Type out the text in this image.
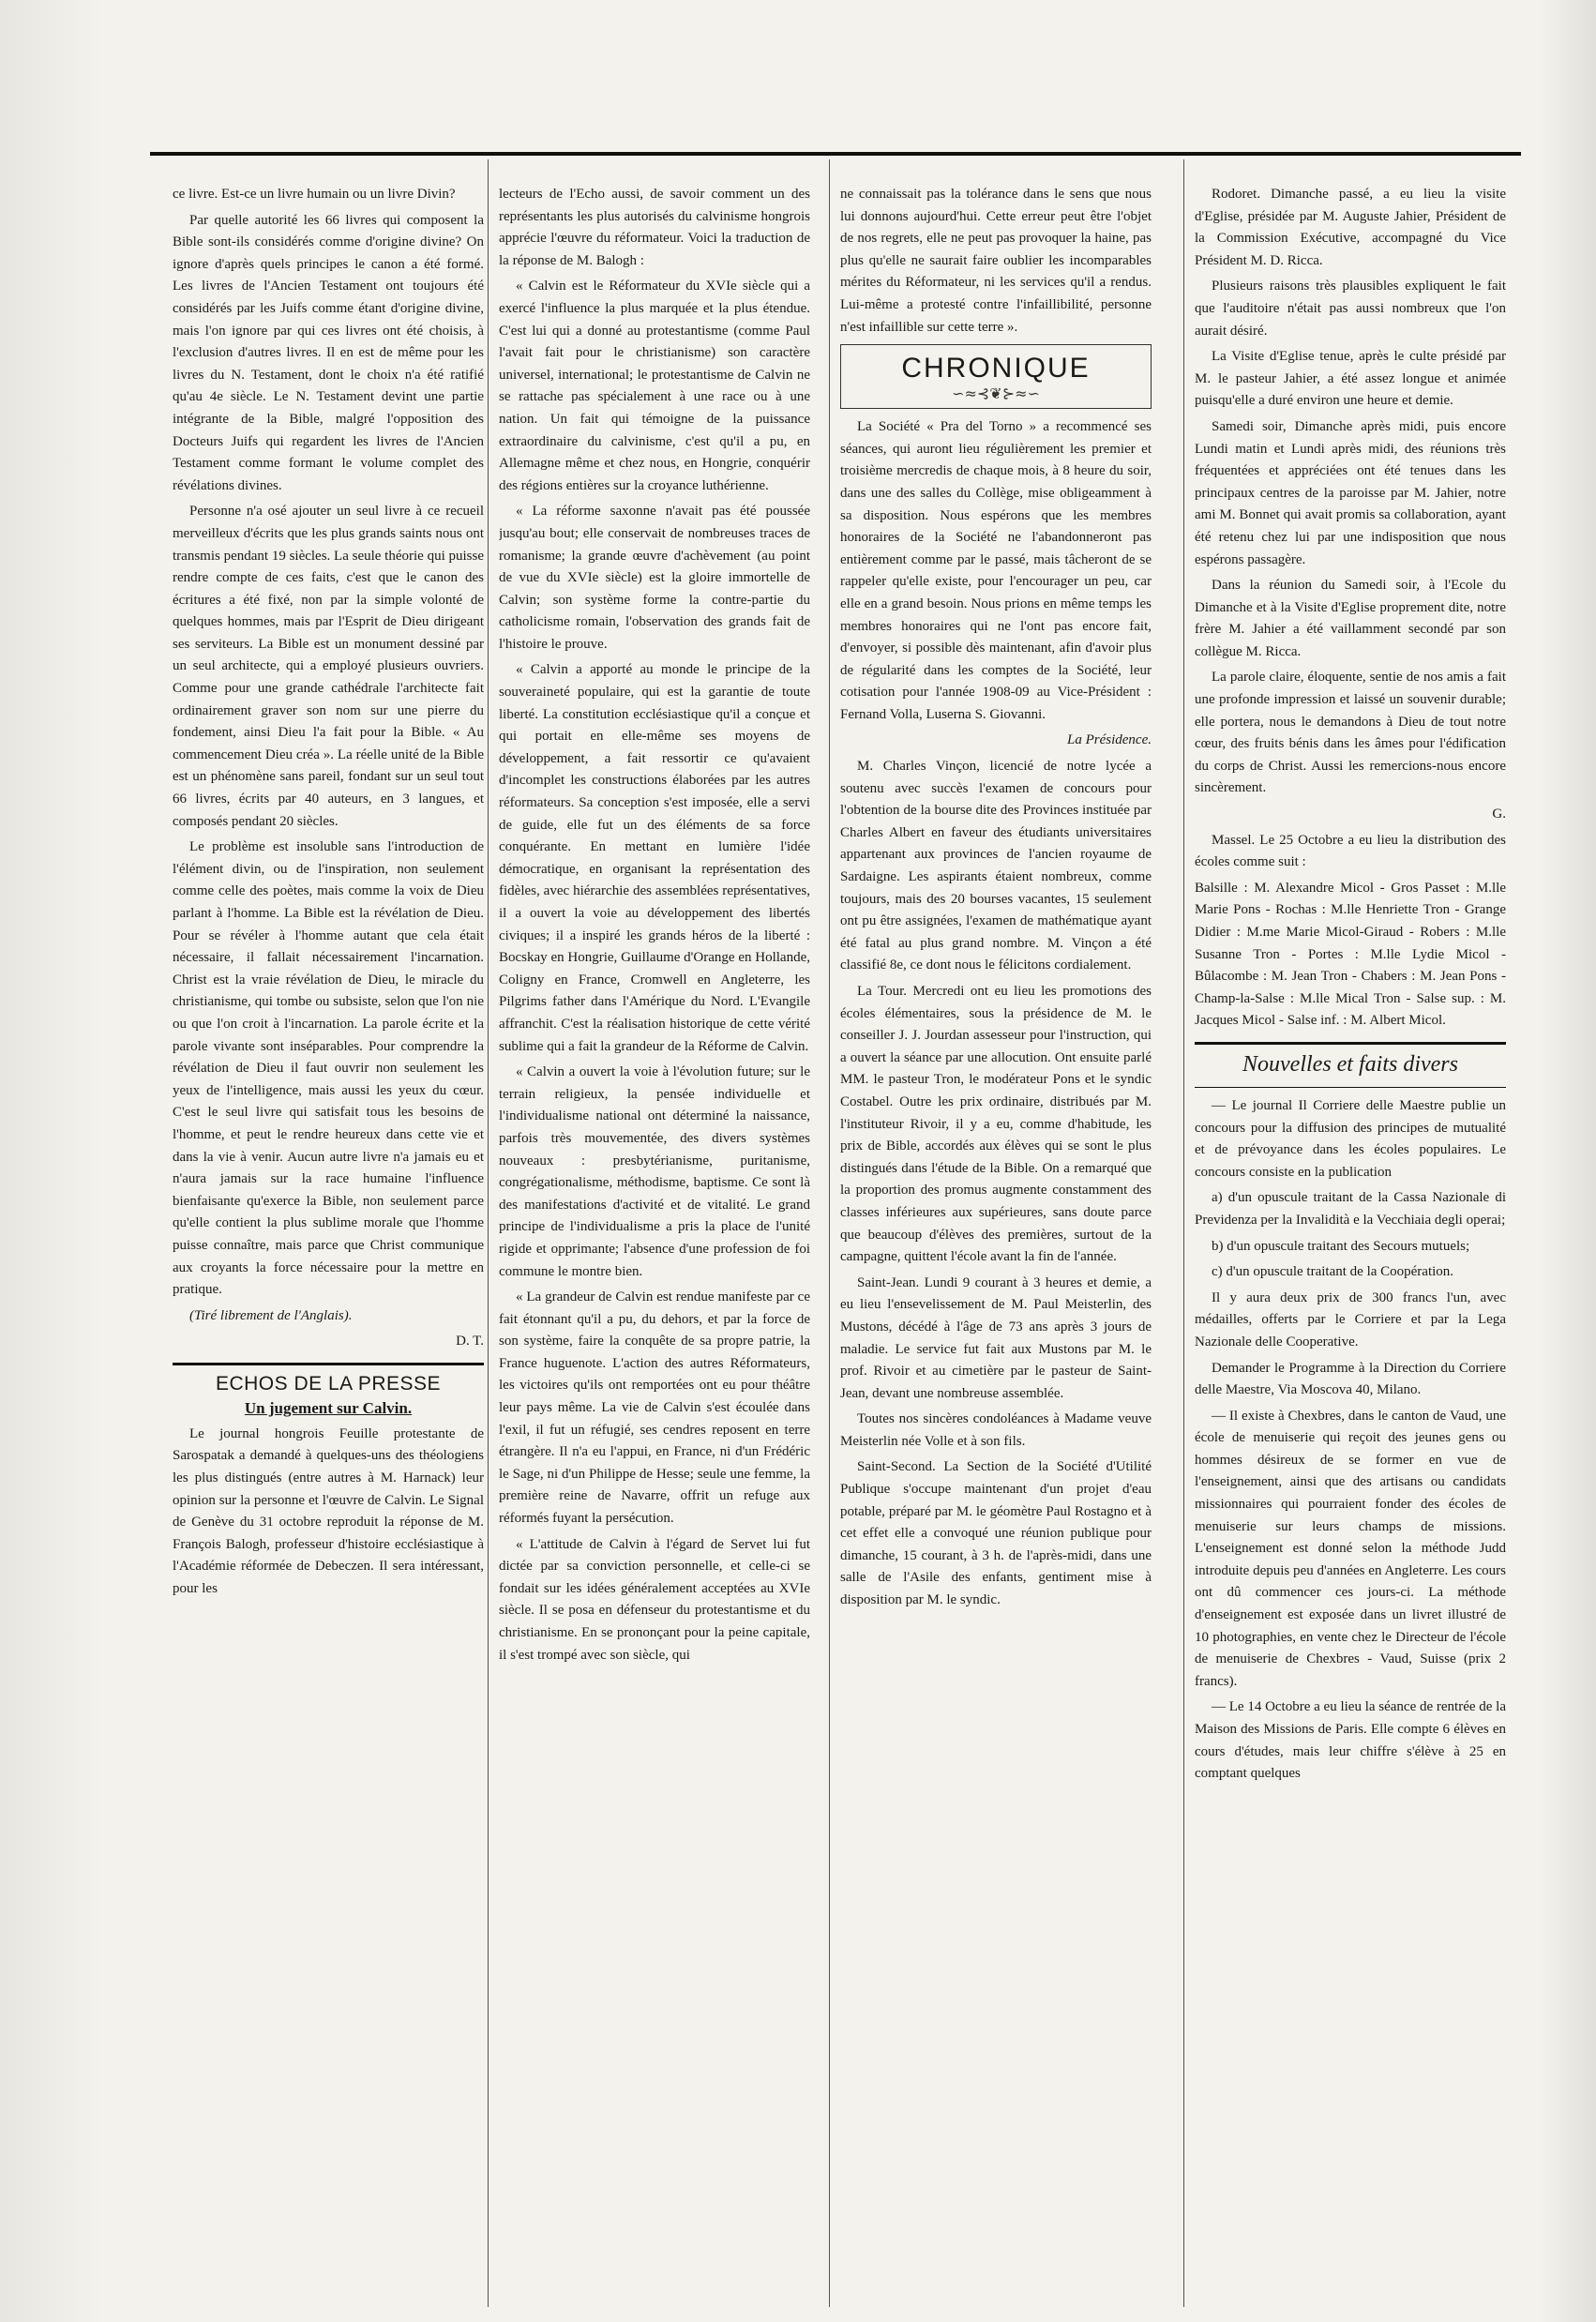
ce livre. Est-ce un livre humain ou un livre Divin?

Par quelle autorité les 66 livres qui composent la Bible sont-ils considérés comme d'origine divine? On ignore d'après quels principes le canon a été formé. Les livres de l'Ancien Testament ont toujours été considérés par les Juifs comme étant d'origine divine, mais l'on ignore par qui ces livres ont été choisis, à l'exclusion d'autres livres. Il en est de même pour les livres du N. Testament, dont le choix n'a été ratifié qu'au 4e siècle. Le N. Testament devint une partie intégrante de la Bible, malgré l'opposition des Docteurs Juifs qui regardent les livres de l'Ancien Testament comme formant le volume complet des révélations divines.

Personne n'a osé ajouter un seul livre à ce recueil merveilleux d'écrits que les plus grands saints nous ont transmis pendant 19 siècles. La seule théorie qui puisse rendre compte de ces faits, c'est que le canon des écritures a été fixé, non par la simple volonté de quelques hommes, mais par l'Esprit de Dieu dirigeant ses serviteurs. La Bible est un monument dessiné par un seul architecte, qui a employé plusieurs ouvriers. Comme pour une grande cathédrale l'architecte fait ordinairement graver son nom sur une pierre du fondement, ainsi Dieu l'a fait pour la Bible. « Au commencement Dieu créa ». La réelle unité de la Bible est un phénomène sans pareil, fondant sur un seul tout 66 livres, écrits par 40 auteurs, en 3 langues, et composés pendant 20 siècles.

Le problème est insoluble sans l'introduction de l'élément divin, ou de l'inspiration, non seulement comme celle des poètes, mais comme la voix de Dieu parlant à l'homme. La Bible est la révélation de Dieu. Pour se révéler à l'homme autant que cela était nécessaire, il fallait nécessairement l'incarnation. Christ est la vraie révélation de Dieu, le miracle du christianisme, qui tombe ou subsiste, selon que l'on nie ou que l'on croit à l'incarnation. La parole écrite et la parole vivante sont inséparables. Pour comprendre la révélation de Dieu il faut ouvrir non seulement les yeux de l'intelligence, mais aussi les yeux du cœur. C'est le seul livre qui satisfait tous les besoins de l'homme, et peut le rendre heureux dans cette vie et dans la vie à venir. Aucun autre livre n'a jamais eu et n'aura jamais sur la race humaine l'influence bienfaisante qu'exerce la Bible, non seulement parce qu'elle contient la plus sublime morale que l'homme puisse connaître, mais parce que Christ communique aux croyants la force nécessaire pour la mettre en pratique.

(Tiré librement de l'Anglais).

D. T.

ECHOS DE LA PRESSE
Un jugement sur Calvin.

Le journal hongrois Feuille protestante de Sarospatak a demandé à quelques-uns des théologiens les plus distingués (entre autres à M. Harnack) leur opinion sur la personne et l'œuvre de Calvin. Le Signal de Genève du 31 octobre reproduit la réponse de M. François Balogh, professeur d'histoire ecclésiastique à l'Académie réformée de Debeczen. Il sera intéressant, pour les

lecteurs de l'Echo aussi, de savoir comment un des représentants les plus autorisés du calvinisme hongrois apprécie l'œuvre du réformateur. Voici la traduction de la réponse de M. Balogh :

« Calvin est le Réformateur du XVIe siècle qui a exercé l'influence la plus marquée et la plus étendue. C'est lui qui a donné au protestantisme (comme Paul l'avait fait pour le christianisme) son caractère universel, international; le protestantisme de Calvin ne se rattache pas spécialement à une race ou à une nation. Un fait qui témoigne de la puissance extraordinaire du calvinisme, c'est qu'il a pu, en Allemagne même et chez nous, en Hongrie, conquérir des régions entières sur la croyance luthérienne.

« La réforme saxonne n'avait pas été poussée jusqu'au bout; elle conservait de nombreuses traces de romanisme; la grande œuvre d'achèvement (au point de vue du XVIe siècle) est la gloire immortelle de Calvin; son système forme la contre-partie du catholicisme romain, l'observation des grands fait de l'histoire le prouve.

« Calvin a apporté au monde le principe de la souveraineté populaire, qui est la garantie de toute liberté. La constitution ecclésiastique qu'il a conçue et qui portait en elle-même ses moyens de développement, a fait ressortir ce qu'avaient d'incomplet les constructions élaborées par les autres réformateurs. Sa conception s'est imposée, elle a servi de guide, elle fut un des éléments de sa force conquérante. En mettant en lumière l'idée démocratique, en organisant la représentation des fidèles, avec hiérarchie des assemblées représentatives, il a ouvert la voie au développement des libertés civiques; il a inspiré les grands héros de la liberté : Bocskay en Hongrie, Guillaume d'Orange en Hollande, Coligny en France, Cromwell en Angleterre, les Pilgrims father dans l'Amérique du Nord. L'Evangile affranchit. C'est la réalisation historique de cette vérité sublime qui a fait la grandeur de la Réforme de Calvin.

« Calvin a ouvert la voie à l'évolution future; sur le terrain religieux, la pensée individuelle et l'individualisme national ont déterminé la naissance, parfois très mouvementée, des divers systèmes nouveaux : presbytérianisme, puritanisme, congrégationalisme, méthodisme, baptisme. Ce sont là des manifestations d'activité et de vitalité. Le grand principe de l'individualisme a pris la place de l'unité rigide et opprimante; l'absence d'une profession de foi commune le montre bien.

« La grandeur de Calvin est rendue manifeste par ce fait étonnant qu'il a pu, du dehors, et par la force de son système, faire la conquête de sa propre patrie, la France huguenote. L'action des autres Réformateurs, les victoires qu'ils ont remportées ont eu pour théâtre leur pays même. La vie de Calvin s'est écoulée dans l'exil, il fut un réfugié, ses cendres reposent en terre étrangère. Il n'a eu l'appui, en France, ni d'un Frédéric le Sage, ni d'un Philippe de Hesse; seule une femme, la première reine de Navarre, offrit un refuge aux réformés fuyant la persécution.

« L'attitude de Calvin à l'égard de Servet lui fut dictée par sa conviction personnelle, et celle-ci se fondait sur les idées généralement acceptées au XVIe siècle. Il se posa en défenseur du protestantisme et du christianisme. En se prononçant pour la peine capitale, il s'est trompé avec son siècle, qui

ne connaissait pas la tolérance dans le sens que nous lui donnons aujourd'hui. Cette erreur peut être l'objet de nos regrets, elle ne peut pas provoquer la haine, pas plus qu'elle ne saurait faire oublier les incomparables mérites du Réformateur, ni les services qu'il a rendus. Lui-même a protesté contre l'infaillibilité, personne n'est infaillible sur cette terre ».

CHRONIQUE
∽≈⊰❦⊱≈∽

La Société « Pra del Torno » a recommencé ses séances, qui auront lieu régulièrement les premier et troisième mercredis de chaque mois, à 8 heure du soir, dans une des salles du Collège, mise obligeamment à sa disposition. Nous espérons que les membres honoraires de la Société ne l'abandonneront pas entièrement comme par le passé, mais tâcheront de se rappeler qu'elle existe, pour l'encourager un peu, car elle en a grand besoin. Nous prions en même temps les membres honoraires qui ne l'ont pas encore fait, d'envoyer, si possible dès maintenant, afin d'avoir plus de régularité dans les comptes de la Société, leur cotisation pour l'année 1908-09 au Vice-Président : Fernand Volla, Luserna S. Giovanni.

La Présidence.

M. Charles Vinçon, licencié de notre lycée a soutenu avec succès l'examen de concours pour l'obtention de la bourse dite des Provinces instituée par Charles Albert en faveur des étudiants universitaires appartenant aux provinces de l'ancien royaume de Sardaigne. Les aspirants étaient nombreux, comme toujours, mais des 20 bourses vacantes, 15 seulement ont pu être assignées, l'examen de mathématique ayant été fatal au plus grand nombre. M. Vinçon a été classifié 8e, ce dont nous le félicitons cordialement.

La Tour. Mercredi ont eu lieu les promotions des écoles élémentaires, sous la présidence de M. le conseiller J. J. Jourdan assesseur pour l'instruction, qui a ouvert la séance par une allocution. Ont ensuite parlé MM. le pasteur Tron, le modérateur Pons et le syndic Costabel. Outre les prix ordinaire, distribués par M. l'instituteur Rivoir, il y a eu, comme d'habitude, les prix de Bible, accordés aux élèves qui se sont le plus distingués dans l'étude de la Bible. On a remarqué que la proportion des promus augmente constamment des classes inférieures aux supérieures, sans doute parce que beaucoup d'élèves des premières, surtout de la campagne, quittent l'école avant la fin de l'année.

Saint-Jean. Lundi 9 courant à 3 heures et demie, a eu lieu l'ensevelissement de M. Paul Meisterlin, des Mustons, décédé à l'âge de 73 ans après 3 jours de maladie. Le service fut fait aux Mustons par M. le prof. Rivoir et au cimetière par le pasteur de Saint-Jean, devant une nombreuse assemblée.

Toutes nos sincères condoléances à Madame veuve Meisterlin née Volle et à son fils.

Saint-Second. La Section de la Société d'Utilité Publique s'occupe maintenant d'un projet d'eau potable, préparé par M. le géomètre Paul Rostagno et à cet effet elle a convoqué une réunion publique pour dimanche, 15 courant, à 3 h. de l'après-midi, dans une salle de l'Asile des enfants, gentiment mise à disposition par M. le syndic.

Rodoret. Dimanche passé, a eu lieu la visite d'Eglise, présidée par M. Auguste Jahier, Président de la Commission Exécutive, accompagné du Vice Président M. D. Ricca.

Plusieurs raisons très plausibles expliquent le fait que l'auditoire n'était pas aussi nombreux que l'on aurait désiré.

La Visite d'Eglise tenue, après le culte présidé par M. le pasteur Jahier, a été assez longue et animée puisqu'elle a duré environ une heure et demie.

Samedi soir, Dimanche après midi, puis encore Lundi matin et Lundi après midi, des réunions très fréquentées et appréciées ont été tenues dans les principaux centres de la paroisse par M. Jahier, notre ami M. Bonnet qui avait promis sa collaboration, ayant été retenu chez lui par une indisposition que nous espérons passagère.

Dans la réunion du Samedi soir, à l'Ecole du Dimanche et à la Visite d'Eglise proprement dite, notre frère M. Jahier a été vaillamment secondé par son collègue M. Ricca.

La parole claire, éloquente, sentie de nos amis a fait une profonde impression et laissé un souvenir durable; elle portera, nous le demandons à Dieu de tout notre cœur, des fruits bénis dans les âmes pour l'édification du corps de Christ. Aussi les remercions-nous encore sincèrement.

G.

Massel. Le 25 Octobre a eu lieu la distribution des écoles comme suit :

Balsille : M. Alexandre Micol - Gros Passet : M.lle Marie Pons - Rochas : M.lle Henriette Tron - Grange Didier : M.me Marie Micol-Giraud - Robers : M.lle Susanne Tron - Portes : M.lle Lydie Micol - Bûlacombe : M. Jean Tron - Chabers : M. Jean Pons - Champ-la-Salse : M.lle Mical Tron - Salse sup. : M. Jacques Micol - Salse inf. : M. Albert Micol.

Nouvelles et faits divers

— Le journal Il Corriere delle Maestre publie un concours pour la diffusion des principes de mutualité et de prévoyance dans les écoles populaires. Le concours consiste en la publication

a) d'un opuscule traitant de la Cassa Nazionale di Previdenza per la Invalidità e la Vecchiaia degli operai;

b) d'un opuscule traitant des Secours mutuels;

c) d'un opuscule traitant de la Coopération.

Il y aura deux prix de 300 francs l'un, avec médailles, offerts par le Corriere et par la Lega Nazionale delle Cooperative.

Demander le Programme à la Direction du Corriere delle Maestre, Via Moscova 40, Milano.

— Il existe à Chexbres, dans le canton de Vaud, une école de menuiserie qui reçoit des jeunes gens ou hommes désireux de se former en vue de l'enseignement, ainsi que des artisans ou candidats missionnaires qui pourraient fonder des écoles de menuiserie sur leurs champs de missions. L'enseignement est donné selon la méthode Judd introduite depuis peu d'années en Angleterre. Les cours ont dû commencer ces jours-ci. La méthode d'enseignement est exposée dans un livret illustré de 10 photographies, en vente chez le Directeur de l'école de menuiserie de Chexbres - Vaud, Suisse (prix 2 francs).

— Le 14 Octobre a eu lieu la séance de rentrée de la Maison des Missions de Paris. Elle compte 6 élèves en cours d'études, mais leur chiffre s'élève à 25 en comptant quelques
